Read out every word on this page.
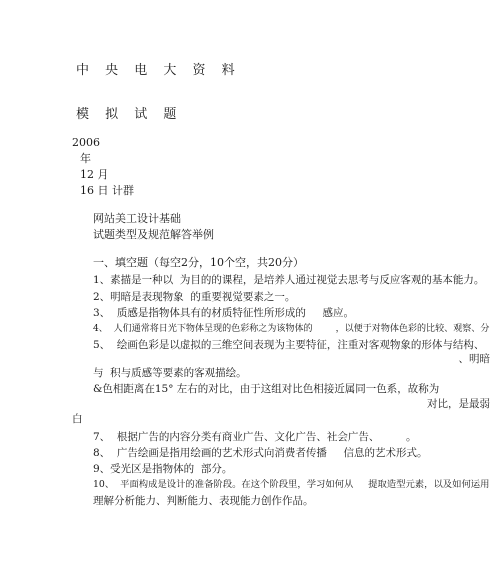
中 央 电 大 资 料
模 拟 试 题
2006
年
12 月
16 日 计群
网站美工设计基础
试题类型及规范解答举例
一、填空题（每空2分，10个空，共20分）
1、素描是一种以  为目的的课程，是培养人通过视觉去思考与反应客观的基本能力。
2、明暗是表现物象  的重要视觉要素之一。
3、  质感是指物体具有的材质特征性所形成的     感应。
4、  人们通常将日光下物体呈现的色彩称之为该物体的        ，以便于对物体色彩的比较、观察、分
5、  绘画色彩是以虚拟的三维空间表现为主要特征，注重对客观物象的形体与结构、
、明暗
与  积与质感等要素的客观描绘。
&色相距离在15° 左右的对比，由于这组对比色相接近属同一色系，故称为
对比，是最弱
白
7、  根据广告的内容分类有商业广告、文化广告、社会广告、        。
8、  广告绘画是指用绘画的艺术形式向消费者传播     信息的艺术形式。
9、受光区是指物体的  部分。
10、  平面构成是设计的准备阶段。在这个阶段里，学习如何从     提取造型元素，以及如何运用
理解分析能力、判断能力、表现能力创作作品。
